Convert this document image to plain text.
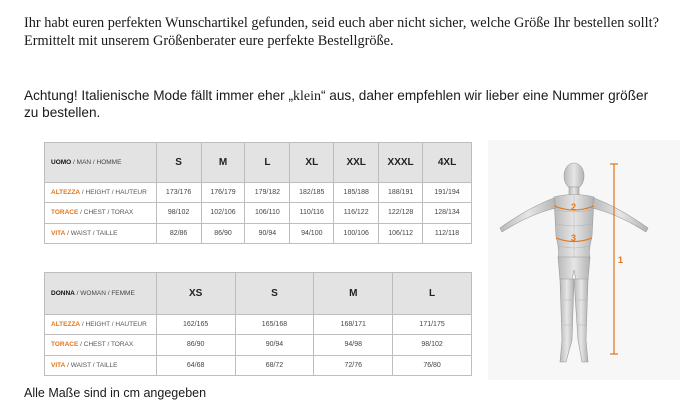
Ihr habt euren perfekten Wunschartikel gefunden, seid euch aber nicht sicher, welche Größe Ihr bestellen sollt?

Ermittelt mit unserem Größenberater eure perfekte Bestellgröße.

Achtung! Italienische Mode fällt immer eher „klein“ aus, daher empfehlen wir lieber eine Nummer größer zu bestellen.
UOMO / MAN / HOMME	S	M	L	XL	XXL	XXXL	4XL
ALTEZZA / HEIGHT / HAUTEUR	173/176	176/179	179/182	182/185	185/188	188/191	191/194
TORACE / CHEST / TORAX	98/102	102/106	106/110	110/116	116/122	122/128	128/134
VITA / WAIST / TAILLE	82/86	86/90	90/94	94/100	100/106	106/112	112/118
DONNA / WOMAN / FEMME	XS	S	M	L
ALTEZZA / HEIGHT / HAUTEUR	162/165	165/168	168/171	171/175
TORACE / CHEST / TORAX	86/90	90/94	94/98	98/102
VITA / WAIST / TAILLE	64/68	68/72	72/76	76/80
1
2
3
Alle Maße sind in cm angegeben
